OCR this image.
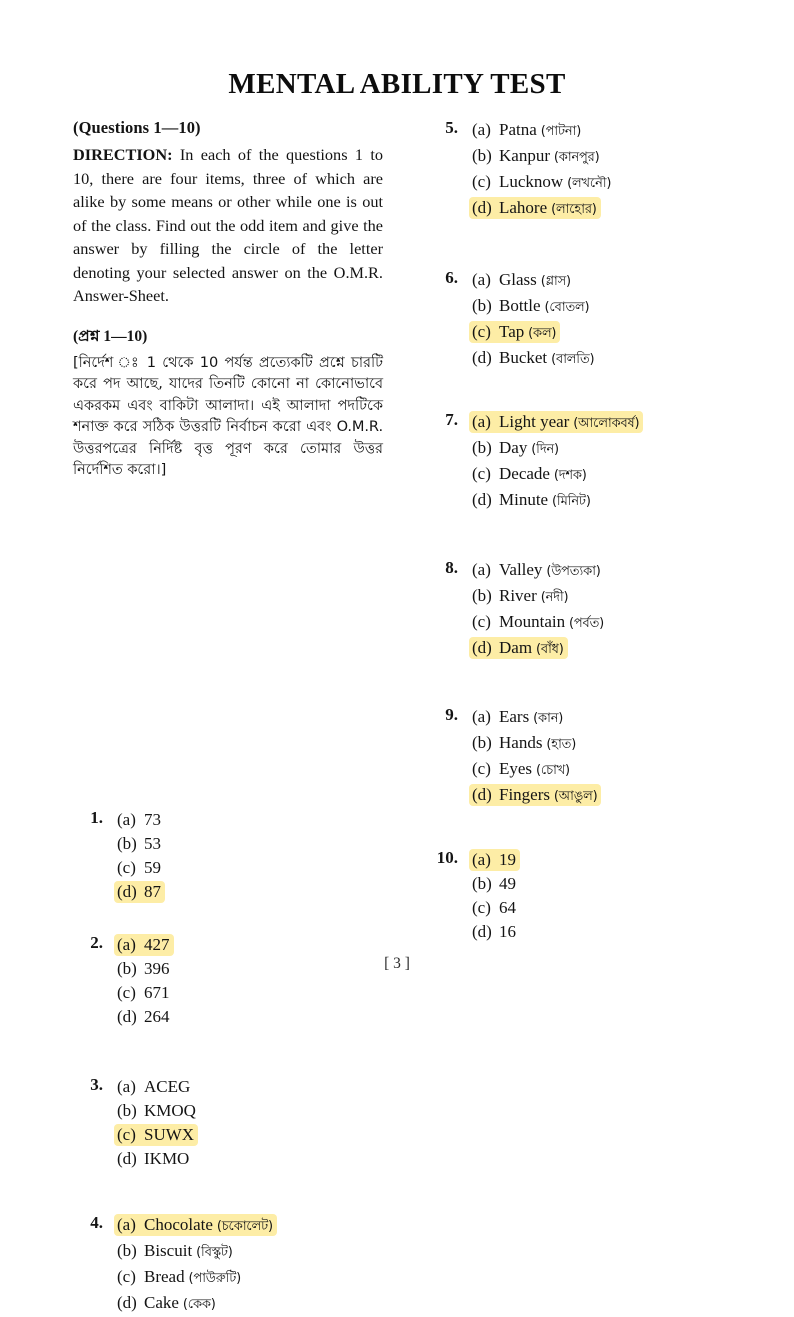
MENTAL ABILITY TEST
(Questions 1—10)
DIRECTION: In each of the questions 1 to 10, there are four items, three of which are alike by some means or other while one is out of the class. Find out the odd item and give the answer by filling the circle of the letter denoting your selected answer on the O.M.R. Answer-Sheet.
(প্রশ্ন 1—10)
[নির্দেশ ঃ 1 থেকে 10 পর্যন্ত প্রত্যেকটি প্রশ্নে চারটি করে পদ আছে, যাদের তিনটি কোনো না কোনোভাবে একরকম এবং বাকিটা আলাদা। এই আলাদা পদটিকে শনাক্ত করে সঠিক উত্তরটি নির্বাচন করো এবং O.M.R. উত্তরপত্রের নির্দিষ্ট বৃত্ত পূরণ করে তোমার উত্তর নির্দেশিত করো।]
1. (a) 73
(b) 53
(c) 59
(d) 87
2. (a) 427
(b) 396
(c) 671
(d) 264
3. (a) ACEG
(b) KMOQ
(c) SUWX
(d) IKMO
4. (a) Chocolate (চকোলেট)
(b) Biscuit (বিস্কুট)
(c) Bread (পাউরুটি)
(d) Cake (কেক)
5. (a) Patna (পাটনা)
(b) Kanpur (কানপুর)
(c) Lucknow (লখনৌ)
(d) Lahore (লাহোর)
6. (a) Glass (গ্লাস)
(b) Bottle (বোতল)
(c) Tap (কল)
(d) Bucket (বালতি)
7. (a) Light year (আলোকবর্ষ)
(b) Day (দিন)
(c) Decade (দশক)
(d) Minute (মিনিট)
8. (a) Valley (উপত্যকা)
(b) River (নদী)
(c) Mountain (পর্বত)
(d) Dam (বাঁধ)
9. (a) Ears (কান)
(b) Hands (হাত)
(c) Eyes (চোখ)
(d) Fingers (আঙুল)
10. (a) 19
(b) 49
(c) 64
(d) 16
[ 3 ]
